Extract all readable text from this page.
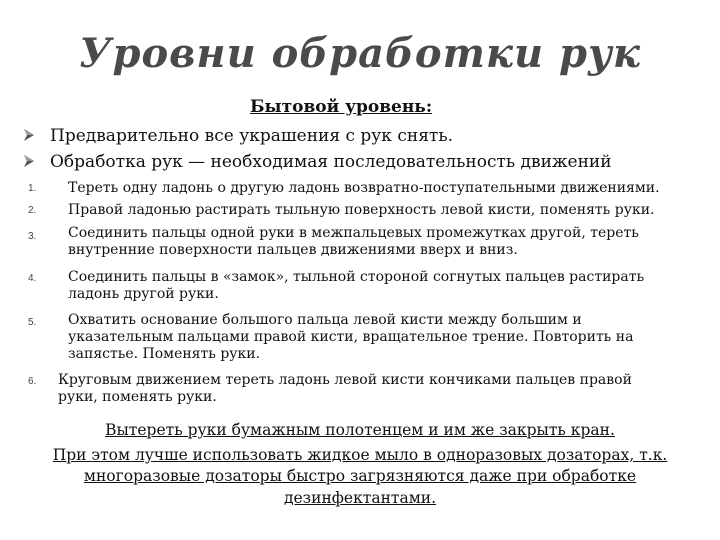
Уровни обработки рук
Бытовой уровень:
Предварительно все украшения с рук снять.
Обработка рук — необходимая последовательность движений
1. Тереть одну ладонь о другую ладонь возвратно-поступательными движениями.
2. Правой ладонью растирать тыльную поверхность левой кисти, поменять руки.
3. Соединить пальцы одной руки в межпальцевых промежутках другой, тереть внутренние поверхности пальцев движениями вверх и вниз.
4. Соединить пальцы в «замок», тыльной стороной согнутых пальцев растирать ладонь другой руки.
5. Охватить основание большого пальца левой кисти между большим и указательным пальцами правой кисти, вращательное трение. Повторить на запястье. Поменять руки.
6. Круговым движением тереть ладонь левой кисти кончиками пальцев правой руки, поменять руки.
Вытереть руки бумажным полотенцем и им же закрыть кран.
При этом лучше использовать жидкое мыло в одноразовых дозаторах, т.к.
многоразовые дозаторы быстро загрязняются даже при обработке
дезинфектантами.
